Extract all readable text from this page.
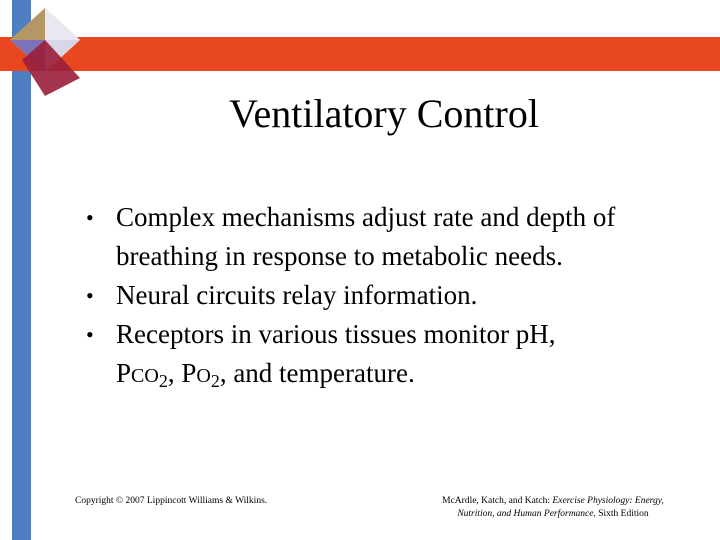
Ventilatory Control
• Complex mechanisms adjust rate and depth of breathing in response to metabolic needs.
• Neural circuits relay information.
• Receptors in various tissues monitor pH,
$PCO_2$, $PO_2$, and temperature.
Copyright © 2007 Lippincott Williams & Wilkins.	McArdle, Katch, and Katch: Exercise Physiology: Energy,
Nutrition, and Human Performance, Sixth Edition
